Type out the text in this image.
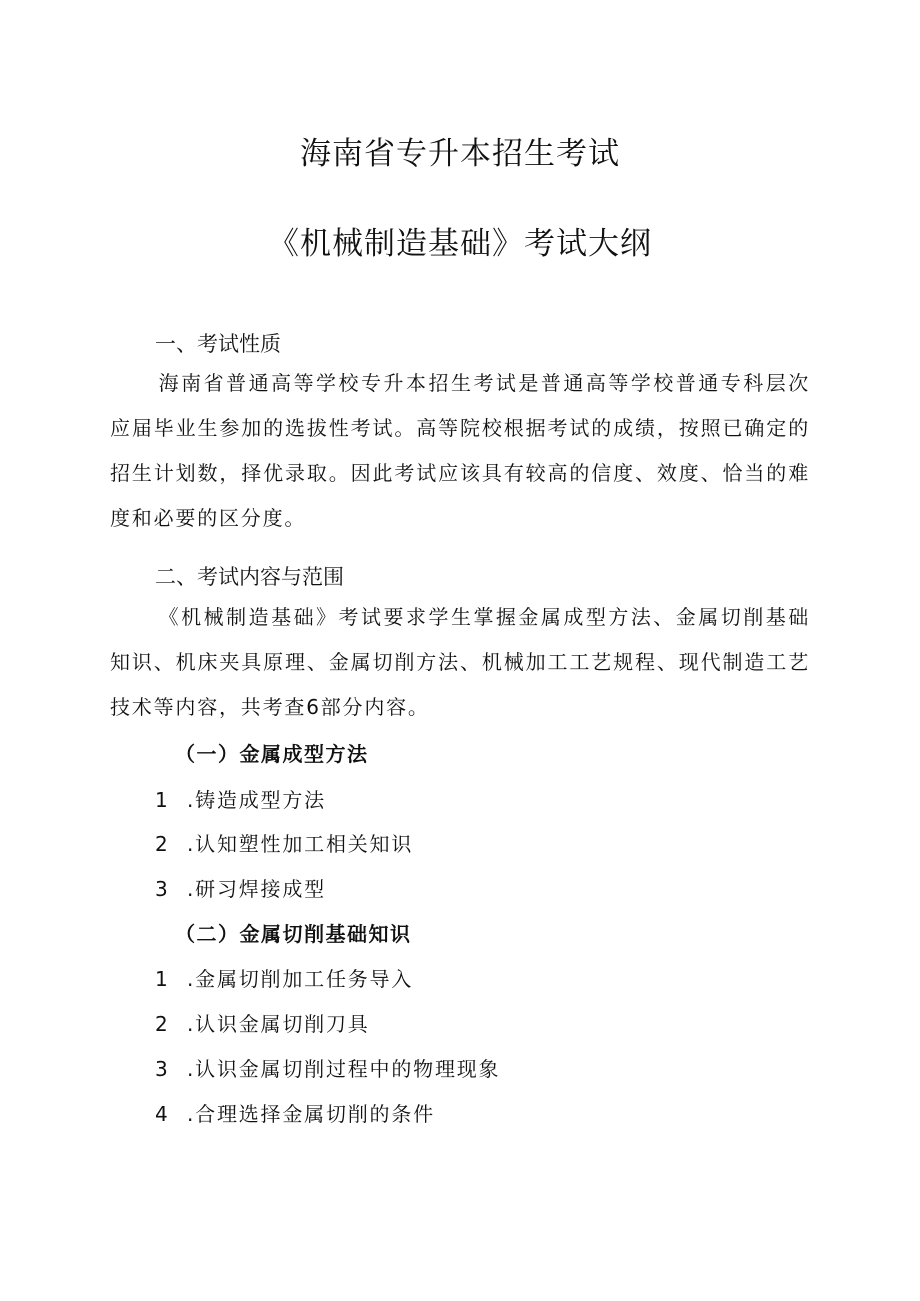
海南省专升本招生考试
《机械制造基础》考试大纲
一、考试性质
海南省普通高等学校专升本招生考试是普通高等学校普通专科层次应届毕业生参加的选拔性考试。高等院校根据考试的成绩，按照已确定的招生计划数，择优录取。因此考试应该具有较高的信度、效度、恰当的难度和必要的区分度。
二、考试内容与范围
《机械制造基础》考试要求学生掌握金属成型方法、金属切削基础知识、机床夹具原理、金属切削方法、机械加工工艺规程、现代制造工艺技术等内容，共考查6部分内容。
（一）金属成型方法
1 .铸造成型方法
2 .认知塑性加工相关知识
3 .研习焊接成型
（二）金属切削基础知识
1 .金属切削加工任务导入
2 .认识金属切削刀具
3 .认识金属切削过程中的物理现象
4 .合理选择金属切削的条件
